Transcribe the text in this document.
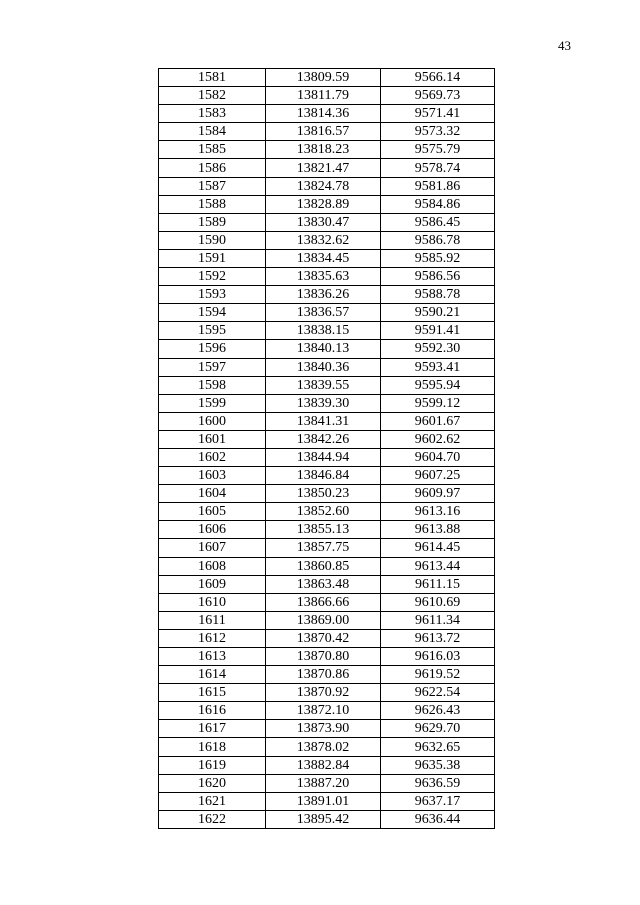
43
1581	13809.59	9566.14
1582	13811.79	9569.73
1583	13814.36	9571.41
1584	13816.57	9573.32
1585	13818.23	9575.79
1586	13821.47	9578.74
1587	13824.78	9581.86
1588	13828.89	9584.86
1589	13830.47	9586.45
1590	13832.62	9586.78
1591	13834.45	9585.92
1592	13835.63	9586.56
1593	13836.26	9588.78
1594	13836.57	9590.21
1595	13838.15	9591.41
1596	13840.13	9592.30
1597	13840.36	9593.41
1598	13839.55	9595.94
1599	13839.30	9599.12
1600	13841.31	9601.67
1601	13842.26	9602.62
1602	13844.94	9604.70
1603	13846.84	9607.25
1604	13850.23	9609.97
1605	13852.60	9613.16
1606	13855.13	9613.88
1607	13857.75	9614.45
1608	13860.85	9613.44
1609	13863.48	9611.15
1610	13866.66	9610.69
1611	13869.00	9611.34
1612	13870.42	9613.72
1613	13870.80	9616.03
1614	13870.86	9619.52
1615	13870.92	9622.54
1616	13872.10	9626.43
1617	13873.90	9629.70
1618	13878.02	9632.65
1619	13882.84	9635.38
1620	13887.20	9636.59
1621	13891.01	9637.17
1622	13895.42	9636.44
